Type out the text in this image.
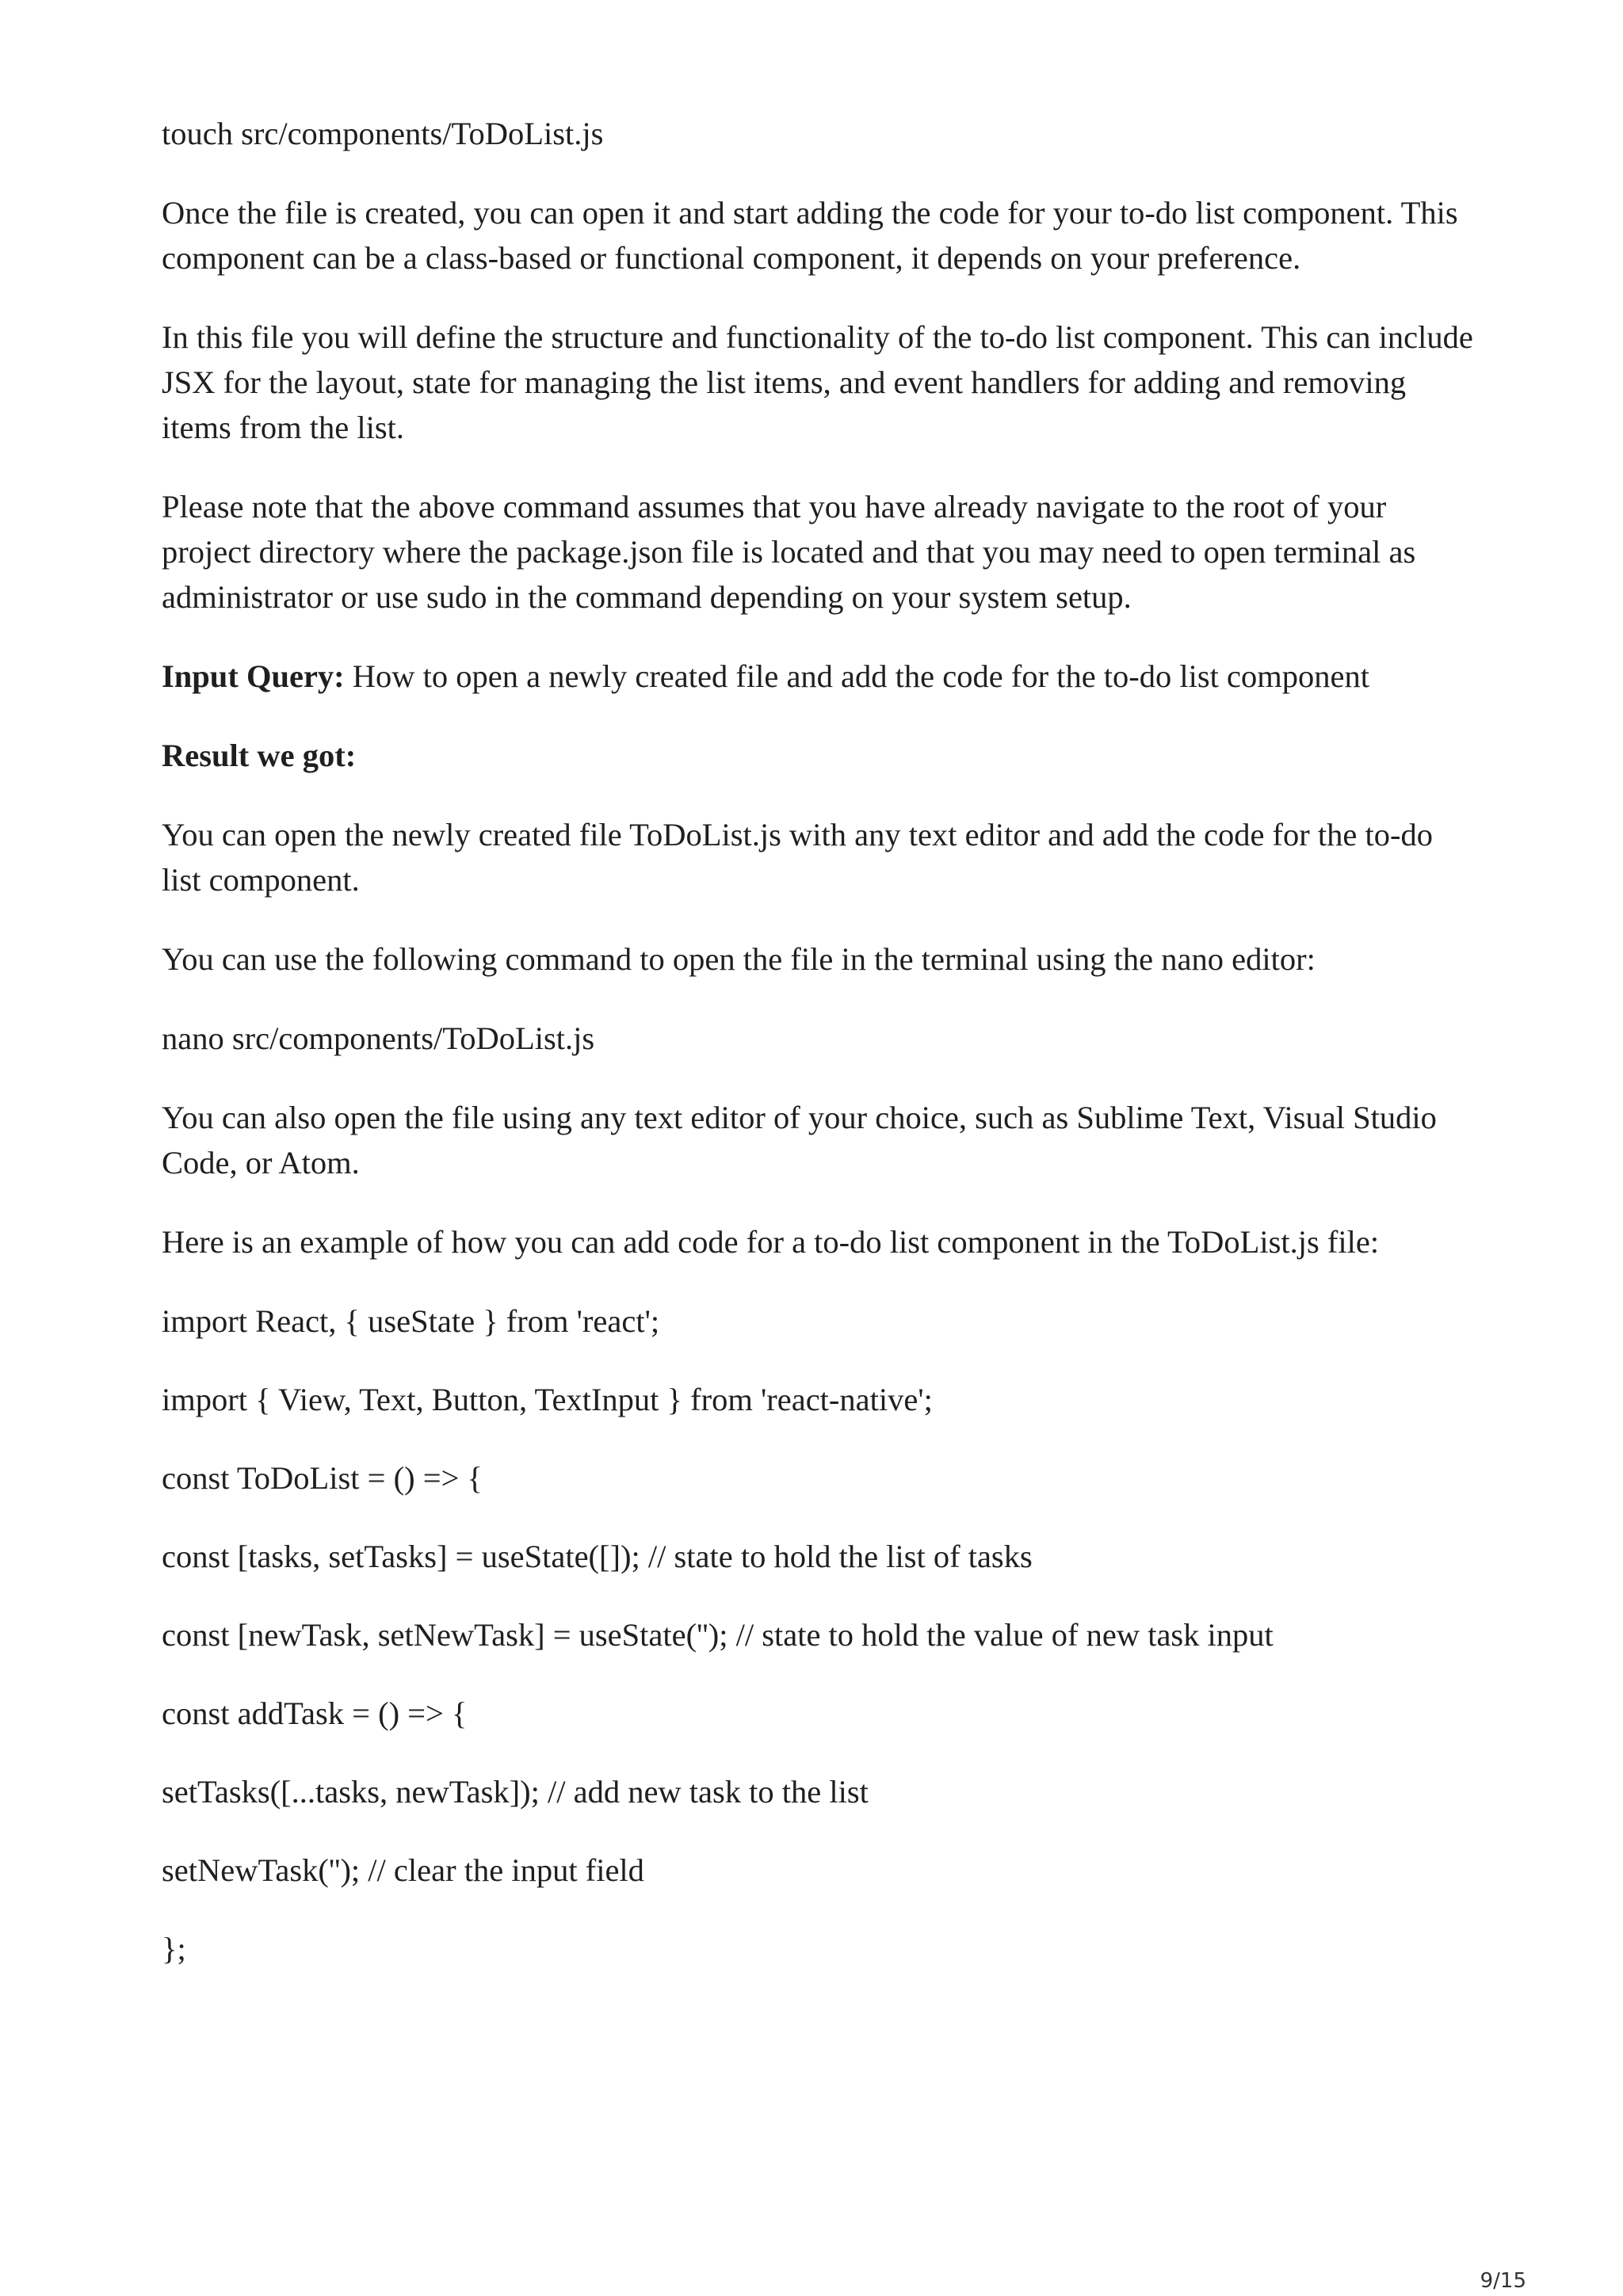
touch src/components/ToDoList.js

Once the file is created, you can open it and start adding the code for your to-do list component. This component can be a class-based or functional component, it depends on your preference.

In this file you will define the structure and functionality of the to-do list component. This can include JSX for the layout, state for managing the list items, and event handlers for adding and removing items from the list.

Please note that the above command assumes that you have already navigate to the root of your project directory where the package.json file is located and that you may need to open terminal as administrator or use sudo in the command depending on your system setup.

Input Query: How to open a newly created file and add the code for the to-do list component

Result we got:

You can open the newly created file ToDoList.js with any text editor and add the code for the to-do list component.

You can use the following command to open the file in the terminal using the nano editor:

nano src/components/ToDoList.js

You can also open the file using any text editor of your choice, such as Sublime Text, Visual Studio Code, or Atom.

Here is an example of how you can add code for a to-do list component in the ToDoList.js file:

import React, { useState } from 'react';

import { View, Text, Button, TextInput } from 'react-native';

const ToDoList = () => {

const [tasks, setTasks] = useState([]); // state to hold the list of tasks

const [newTask, setNewTask] = useState(''); // state to hold the value of new task input

const addTask = () => {

setTasks([...tasks, newTask]); // add new task to the list

setNewTask(''); // clear the input field

};

9/15
